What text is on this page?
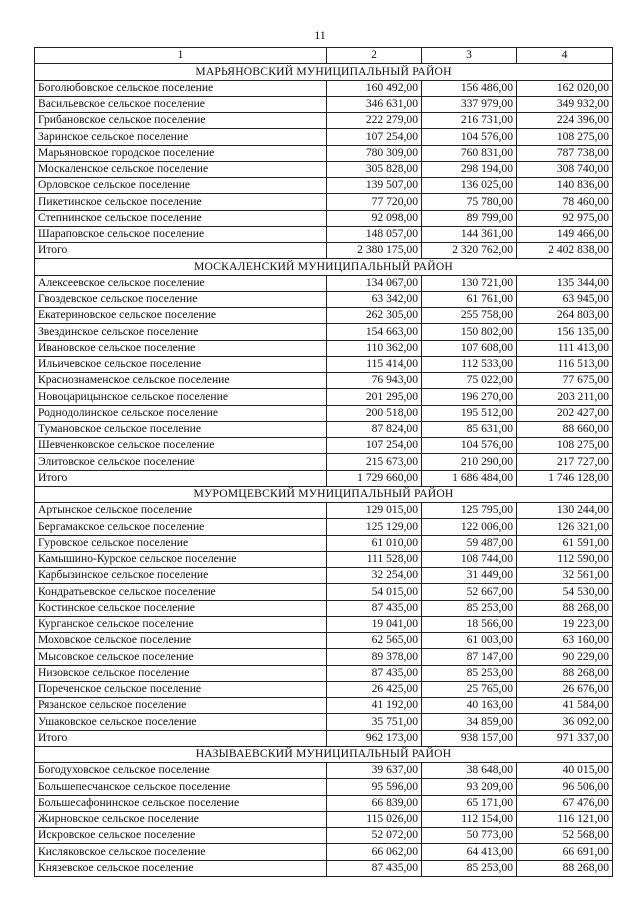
11
1	2	3	4
МАРЬЯНОВСКИЙ МУНИЦИПАЛЬНЫЙ РАЙОН			
Боголюбовское сельское поселение	160 492,00	156 486,00	162 020,00
Васильевское сельское поселение	346 631,00	337 979,00	349 932,00
Грибановское сельское поселение	222 279,00	216 731,00	224 396,00
Заринское сельское поселение	107 254,00	104 576,00	108 275,00
Марьяновское городское поселение	780 309,00	760 831,00	787 738,00
Москаленское сельское поселение	305 828,00	298 194,00	308 740,00
Орловское сельское поселение	139 507,00	136 025,00	140 836,00
Пикетинское сельское поселение	77 720,00	75 780,00	78 460,00
Степнинское сельское поселение	92 098,00	89 799,00	92 975,00
Шараповское сельское поселение	148 057,00	144 361,00	149 466,00
Итого	2 380 175,00	2 320 762,00	2 402 838,00
МОСКАЛЕНСКИЙ МУНИЦИПАЛЬНЫЙ РАЙОН			
Алексеевское сельское поселение	134 067,00	130 721,00	135 344,00
Гвоздевское сельское поселение	63 342,00	61 761,00	63 945,00
Екатериновское сельское поселение	262 305,00	255 758,00	264 803,00
Звездинское сельское поселение	154 663,00	150 802,00	156 135,00
Ивановское сельское поселение	110 362,00	107 608,00	111 413,00
Ильичевское сельское поселение	115 414,00	112 533,00	116 513,00
Краснознаменское сельское поселение	76 943,00	75 022,00	77 675,00
Новоцарицынское сельское поселение	201 295,00	196 270,00	203 211,00
Роднодолинское сельское поселение	200 518,00	195 512,00	202 427,00
Тумановское сельское поселение	87 824,00	85 631,00	88 660,00
Шевченковское сельское поселение	107 254,00	104 576,00	108 275,00
Элитовское сельское поселение	215 673,00	210 290,00	217 727,00
Итого	1 729 660,00	1 686 484,00	1 746 128,00
МУРОМЦЕВСКИЙ МУНИЦИПАЛЬНЫЙ РАЙОН			
Артынское сельское поселение	129 015,00	125 795,00	130 244,00
Бергамакское сельское поселение	125 129,00	122 006,00	126 321,00
Гуровское сельское поселение	61 010,00	59 487,00	61 591,00
Камышино-Курское сельское поселение	111 528,00	108 744,00	112 590,00
Карбызинское сельское поселение	32 254,00	31 449,00	32 561,00
Кондратьевское сельское поселение	54 015,00	52 667,00	54 530,00
Костинское сельское поселение	87 435,00	85 253,00	88 268,00
Курганское сельское поселение	19 041,00	18 566,00	19 223,00
Моховское сельское поселение	62 565,00	61 003,00	63 160,00
Мысовское сельское поселение	89 378,00	87 147,00	90 229,00
Низовское сельское поселение	87 435,00	85 253,00	88 268,00
Пореченское сельское поселение	26 425,00	25 765,00	26 676,00
Рязанское сельское поселение	41 192,00	40 163,00	41 584,00
Ушаковское сельское поселение	35 751,00	34 859,00	36 092,00
Итого	962 173,00	938 157,00	971 337,00
НАЗЫВАЕВСКИЙ МУНИЦИПАЛЬНЫЙ РАЙОН			
Богодуховское сельское поселение	39 637,00	38 648,00	40 015,00
Большепесчанское сельское поселение	95 596,00	93 209,00	96 506,00
Большесафонинское сельское поселение	66 839,00	65 171,00	67 476,00
Жирновское сельское поселение	115 026,00	112 154,00	116 121,00
Искровское сельское поселение	52 072,00	50 773,00	52 568,00
Кисляковское сельское поселение	66 062,00	64 413,00	66 691,00
Князевское сельское поселение	87 435,00	85 253,00	88 268,00
